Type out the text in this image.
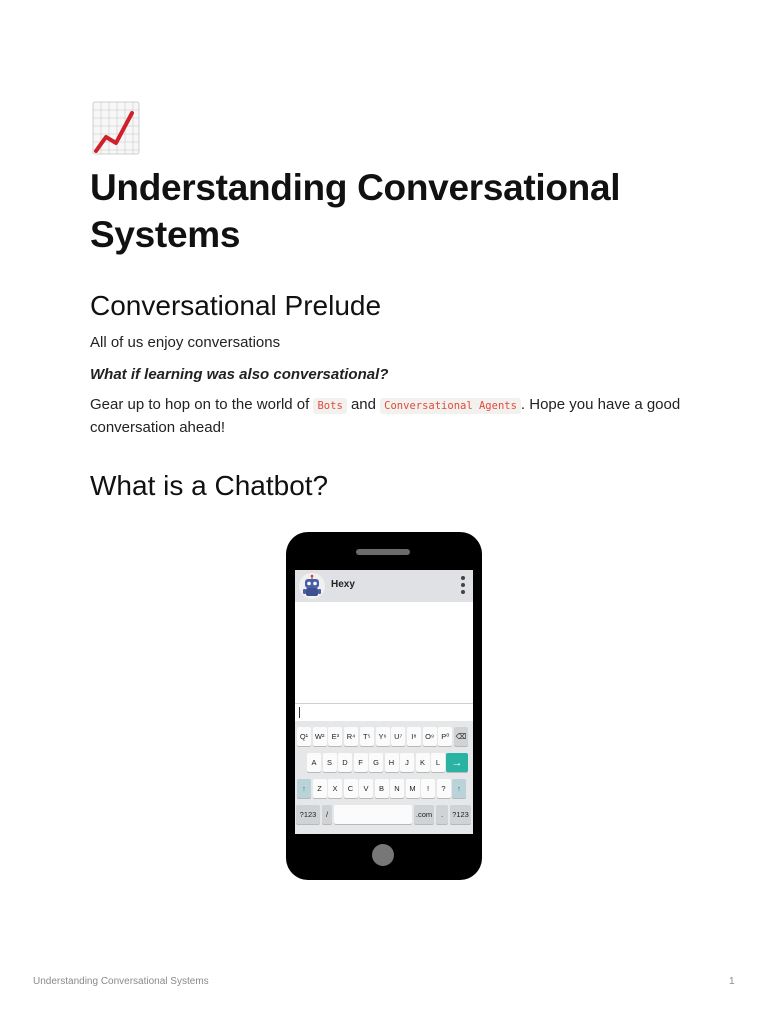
Understanding Conversational Systems
Conversational Prelude

All of us enjoy conversations

What if learning was also conversational?

Gear up to hop on to the world of Bots and Conversational Agents . Hope you have a good conversation ahead!

What is a Chatbot?
Hexy
Q¹ W² E³	R⁴	T⁵	Y⁶	U⁷	I⁸	O⁹ P⁰ ⌫
A	S	D	F	G	H	J	K	L	→
↑	Z	X	C	V	B	N	M	!	?	↑
?123	/	.com	.	?123
Understanding Conversational Systems	1
